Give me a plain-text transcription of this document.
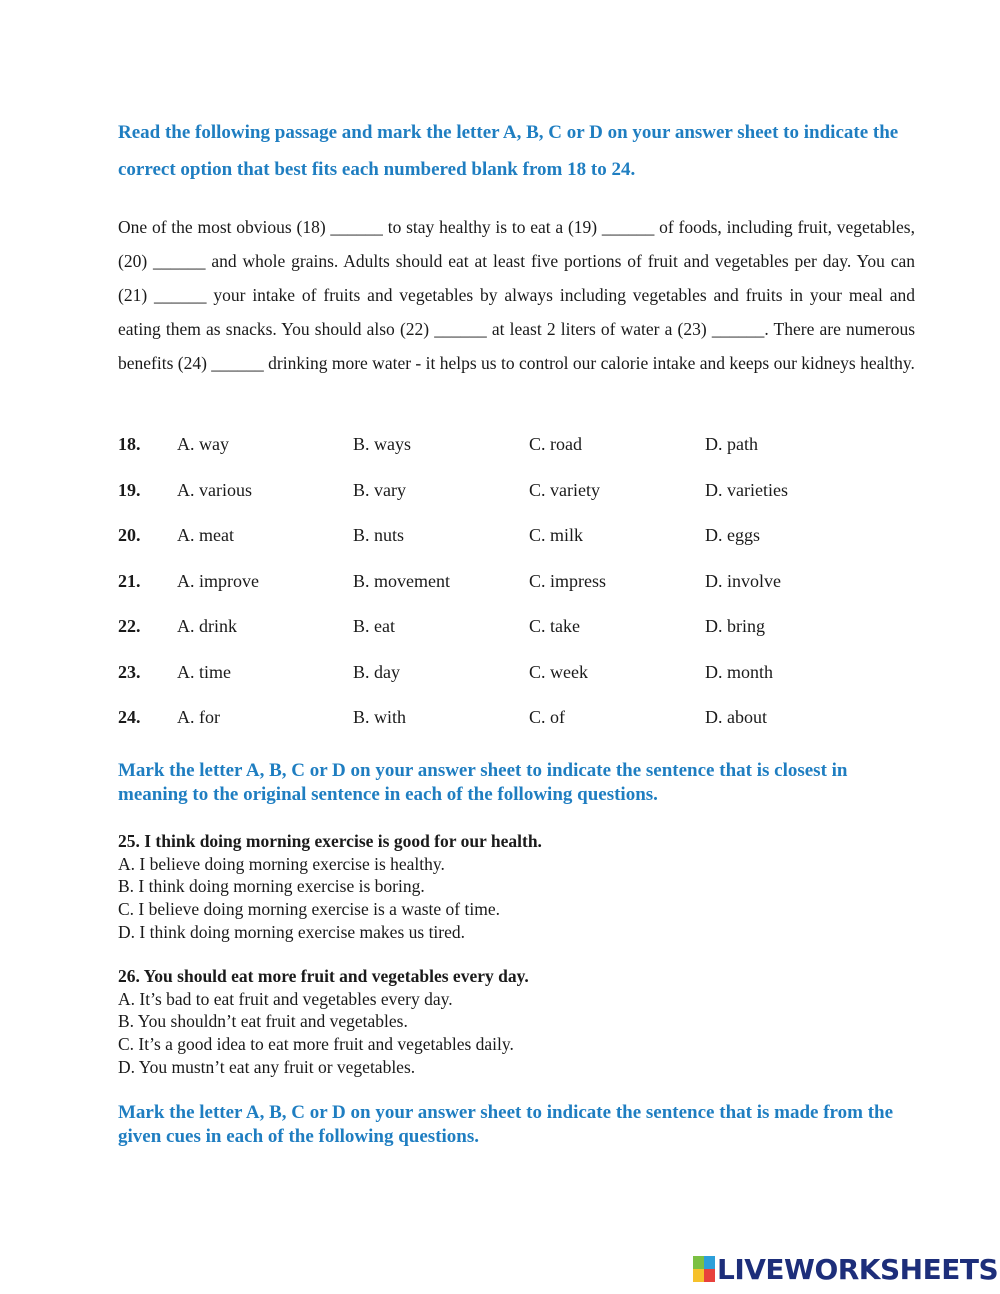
Read the following passage and mark the letter A, B, C or D on your answer sheet to indicate the correct option that best fits each numbered blank from 18 to 24.
One of the most obvious (18) ______ to stay healthy is to eat a (19) ______ of foods, including fruit, vegetables, (20) ______ and whole grains. Adults should eat at least five portions of fruit and vegetables per day. You can (21) ______ your intake of fruits and vegetables by always including vegetables and fruits in your meal and eating them as snacks. You should also (22) ______ at least 2 liters of water a (23) ______. There are numerous benefits (24) ______ drinking more water - it helps us to control our calorie intake and keeps our kidneys healthy.
18.	A. way	B. ways	C. road	D. path
19.	A. various	B. vary	C. variety	D. varieties
20.	A. meat	B. nuts	C. milk	D. eggs
21.	A. improve	B. movement	C. impress	D. involve
22.	A. drink	B. eat	C. take	D. bring
23.	A. time	B. day	C. week	D. month
24.	A. for	B. with	C. of	D. about
Mark the letter A, B, C or D on your answer sheet to indicate the sentence that is closest in meaning to the original sentence in each of the following questions.
25. I think doing morning exercise is good for our health.
A. I believe doing morning exercise is healthy.
B. I think doing morning exercise is boring.
C. I believe doing morning exercise is a waste of time.
D. I think doing morning exercise makes us tired.
26. You should eat more fruit and vegetables every day.
A. It’s bad to eat fruit and vegetables every day.
B. You shouldn’t eat fruit and vegetables.
C. It’s a good idea to eat more fruit and vegetables daily.
D. You mustn’t eat any fruit or vegetables.
Mark the letter A, B, C or D on your answer sheet to indicate the sentence that is made from the given cues in each of the following questions.
LIVEWORKSHEETS
